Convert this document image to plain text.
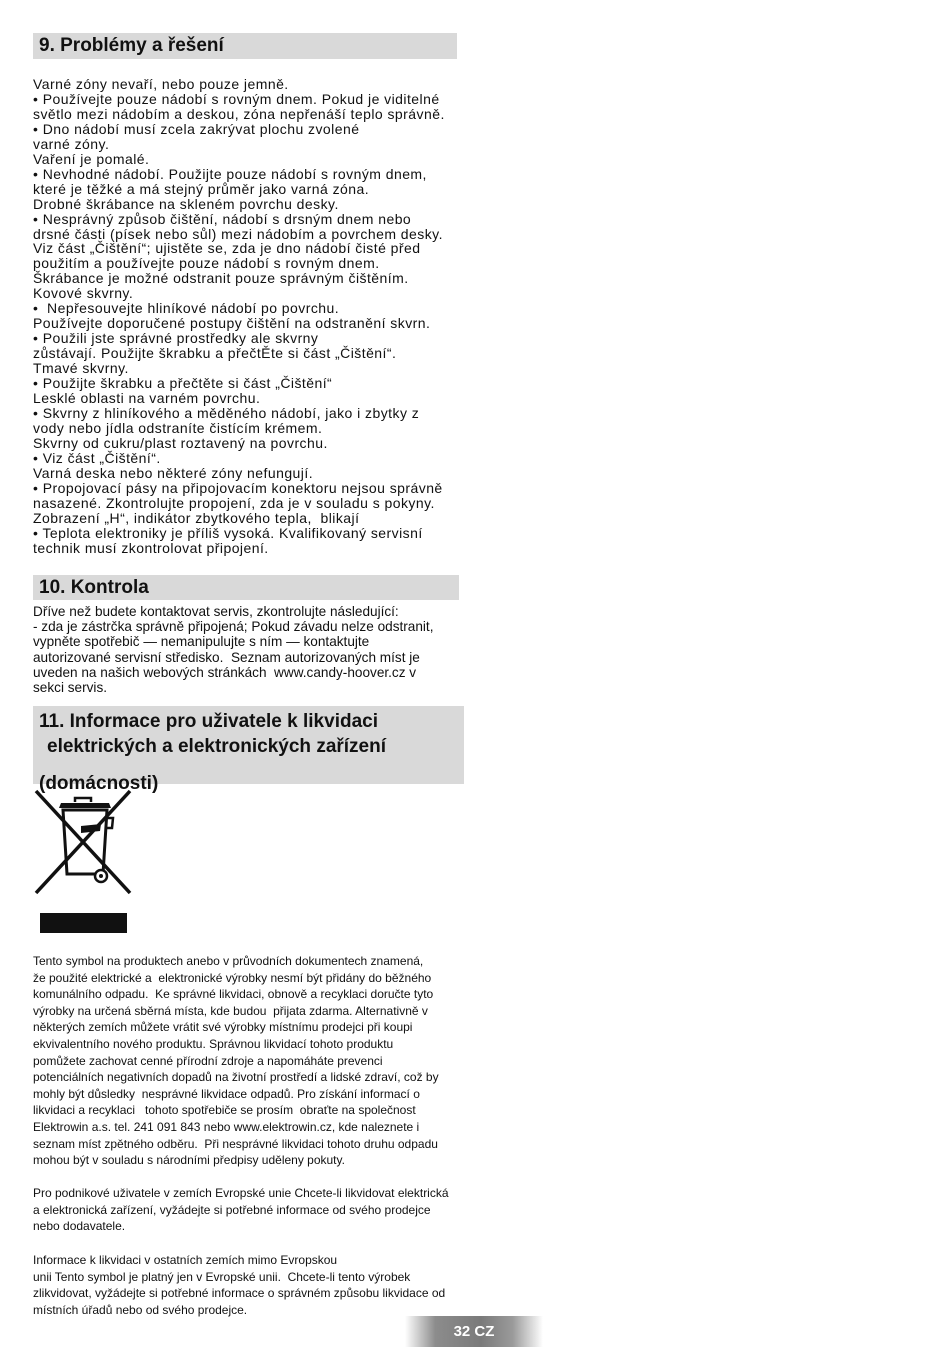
9. Problémy a řešení
Varné zóny nevaří, nebo pouze jemně.
• Používejte pouze nádobí s rovným dnem. Pokud je viditelné
světlo mezi nádobím a deskou, zóna nepřenáší teplo správně.
• Dno nádobí musí zcela zakrývat plochu zvolené
varné zóny.
Vaření je pomalé.
• Nevhodné nádobí. Použijte pouze nádobí s rovným dnem,
které je těžké a má stejný průměr jako varná zóna.
Drobné škrábance na skleném povrchu desky.
• Nesprávný způsob čištění, nádobí s drsným dnem nebo
drsné části (písek nebo sůl) mezi nádobím a povrchem desky.
Viz část „Čištění“; ujistěte se, zda je dno nádobí čisté před
použitím a používejte pouze nádobí s rovným dnem.
Škrábance je možné odstranit pouze správným čištěním.
Kovové skvrny.
•  Nepřesouvejte hliníkové nádobí po povrchu.
Používejte doporučené postupy čištění na odstranění skvrn.
• Použili jste správné prostředky ale skvrny
zůstávají. Použijte škrabku a přečtĚte si část „Čištění“.
Tmavé skvrny.
• Použijte škrabku a přečtěte si část „Čištění“
Lesklé oblasti na varném povrchu.
• Skvrny z hliníkového a měděného nádobí, jako i zbytky z
vody nebo jídla odstraníte čistícím krémem.
Skvrny od cukru/plast roztavený na povrchu.
• Viz část „Čištění“.
Varná deska nebo některé zóny nefungují.
• Propojovací pásy na připojovacím konektoru nejsou správně
nasazené. Zkontrolujte propojení, zda je v souladu s pokyny.
Zobrazení „H“, indikátor zbytkového tepla,  blikají
• Teplota elektroniky je příliš vysoká. Kvalifikovaný servisní
technik musí zkontrolovat připojení.
10. Kontrola
Dříve než budete kontaktovat servis, zkontrolujte následující:
- zda je zástrčka správně připojená; Pokud závadu nelze odstranit,
vypněte spotřebič — nemanipulujte s ním — kontaktujte
autorizované servisní středisko.  Seznam autorizovaných míst je
uveden na našich webových stránkách  www.candy-hoover.cz v
sekci servis.
11. Informace pro uživatele k likvidaci
elektrických a elektronických zařízení
(domácnosti)
Tento symbol na produktech anebo v průvodních dokumentech znamená,
že použité elektrické a  elektronické výrobky nesmí být přidány do běžného
komunálního odpadu.  Ke správné likvidaci, obnově a recyklaci doručte tyto
výrobky na určená sběrná místa, kde budou  přijata zdarma. Alternativně v
některých zemích můžete vrátit své výrobky místnímu prodejci při koupi
ekvivalentního nového produktu. Správnou likvidací tohoto produktu
pomůžete zachovat cenné přírodní zdroje a napomáháte prevenci
potenciálních negativních dopadů na životní prostředí a lidské zdraví, což by
mohly být důsledky  nesprávné likvidace odpadů. Pro získání informací o
likvidaci a recyklaci   tohoto spotřebiče se prosím  obraťte na společnost
Elektrowin a.s. tel. 241 091 843 nebo www.elektrowin.cz, kde naleznete i
seznam míst zpětného odběru.  Při nesprávné likvidaci tohoto druhu odpadu
mohou být v souladu s národními předpisy uděleny pokuty.
Pro podnikové uživatele v zemích Evropské unie Chcete-li likvidovat elektrická
a elektronická zařízení, vyžádejte si potřebné informace od svého prodejce
nebo dodavatele.
Informace k likvidaci v ostatních zemích mimo Evropskou
unii Tento symbol je platný jen v Evropské unii.  Chcete-li tento výrobek
zlikvidovat, vyžádejte si potřebné informace o správném způsobu likvidace od
místních úřadů nebo od svého prodejce.
32 CZ
